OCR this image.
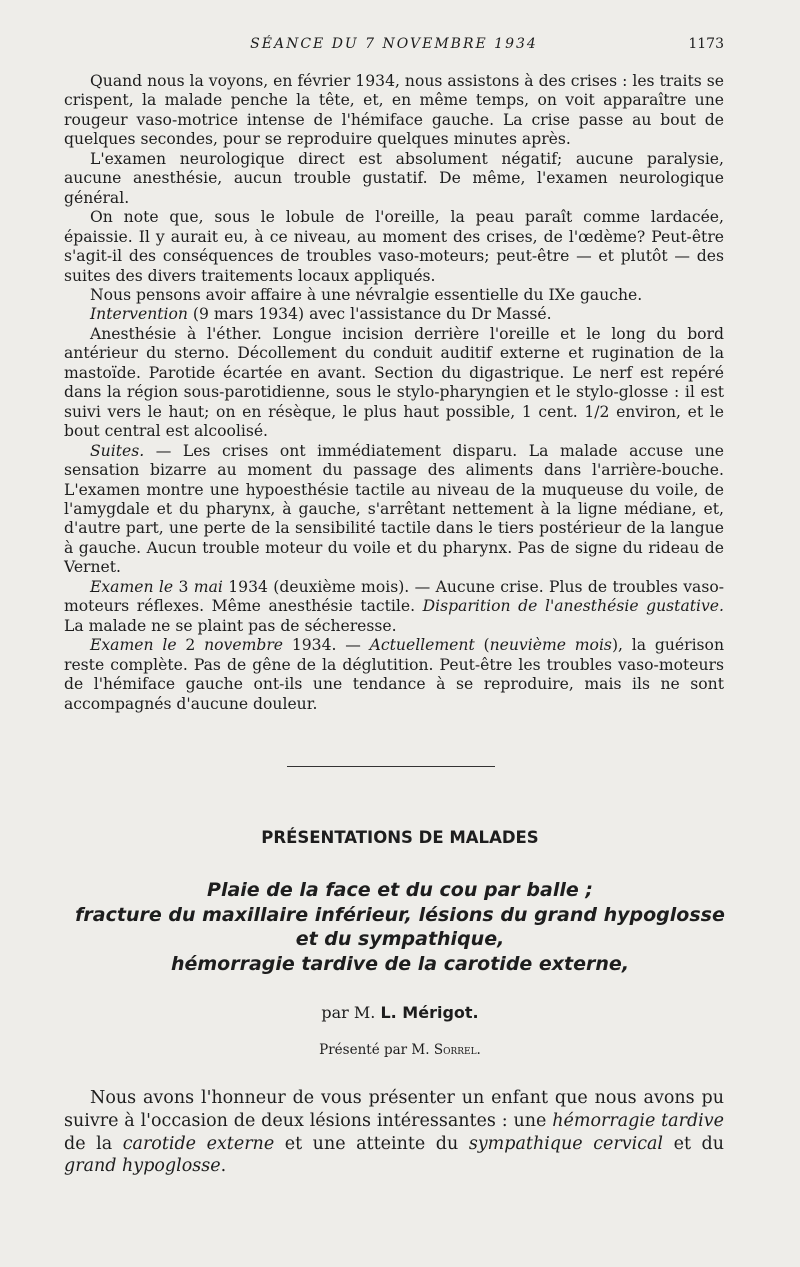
SÉANCE DU 7 NOVEMBRE 1934	1173

Quand nous la voyons, en février 1934, nous assistons à des crises : les traits se crispent, la malade penche la tête, et, en même temps, on voit apparaître une rougeur vaso-motrice intense de l'hémiface gauche. La crise passe au bout de quelques secondes, pour se reproduire quelques minutes après.

L'examen neurologique direct est absolument négatif; aucune paralysie, aucune anesthésie, aucun trouble gustatif. De même, l'examen neurologique général.

On note que, sous le lobule de l'oreille, la peau paraît comme lardacée, épaissie. Il y aurait eu, à ce niveau, au moment des crises, de l'œdème? Peut-être s'agit-il des conséquences de troubles vaso-moteurs; peut-être — et plutôt — des suites des divers traitements locaux appliqués.

Nous pensons avoir affaire à une névralgie essentielle du IXe gauche.

Intervention (9 mars 1934) avec l'assistance du Dr Massé.

Anesthésie à l'éther. Longue incision derrière l'oreille et le long du bord antérieur du sterno. Décollement du conduit auditif externe et rugination de la mastoïde. Parotide écartée en avant. Section du digastrique. Le nerf est repéré dans la région sous-parotidienne, sous le stylo-pharyngien et le stylo-glosse : il est suivi vers le haut; on en résèque, le plus haut possible, 1 cent. 1/2 environ, et le bout central est alcoolisé.

Suites. — Les crises ont immédiatement disparu. La malade accuse une sensation bizarre au moment du passage des aliments dans l'arrière-bouche. L'examen montre une hypoesthésie tactile au niveau de la muqueuse du voile, de l'amygdale et du pharynx, à gauche, s'arrêtant nettement à la ligne médiane, et, d'autre part, une perte de la sensibilité tactile dans le tiers postérieur de la langue à gauche. Aucun trouble moteur du voile et du pharynx. Pas de signe du rideau de Vernet.

Examen le 3 mai 1934 (deuxième mois). — Aucune crise. Plus de troubles vaso-moteurs réflexes. Même anesthésie tactile. Disparition de l'anesthésie gustative. La malade ne se plaint pas de sécheresse.

Examen le 2 novembre 1934. — Actuellement (neuvième mois), la guérison reste complète. Pas de gêne de la déglutition. Peut-être les troubles vaso-moteurs de l'hémiface gauche ont-ils une tendance à se reproduire, mais ils ne sont accompagnés d'aucune douleur.

PRÉSENTATIONS DE MALADES
Plaie de la face et du cou par balle ;
fracture du maxillaire inférieur, lésions du grand hypoglosse
et du sympathique,
hémorragie tardive de la carotide externe,
par M. L. Mérigot.
Présenté par M. Sorrel.

Nous avons l'honneur de vous présenter un enfant que nous avons pu suivre à l'occasion de deux lésions intéressantes : une hémorragie tardive de la carotide externe et une atteinte du sympathique cervical et du grand hypoglosse.
